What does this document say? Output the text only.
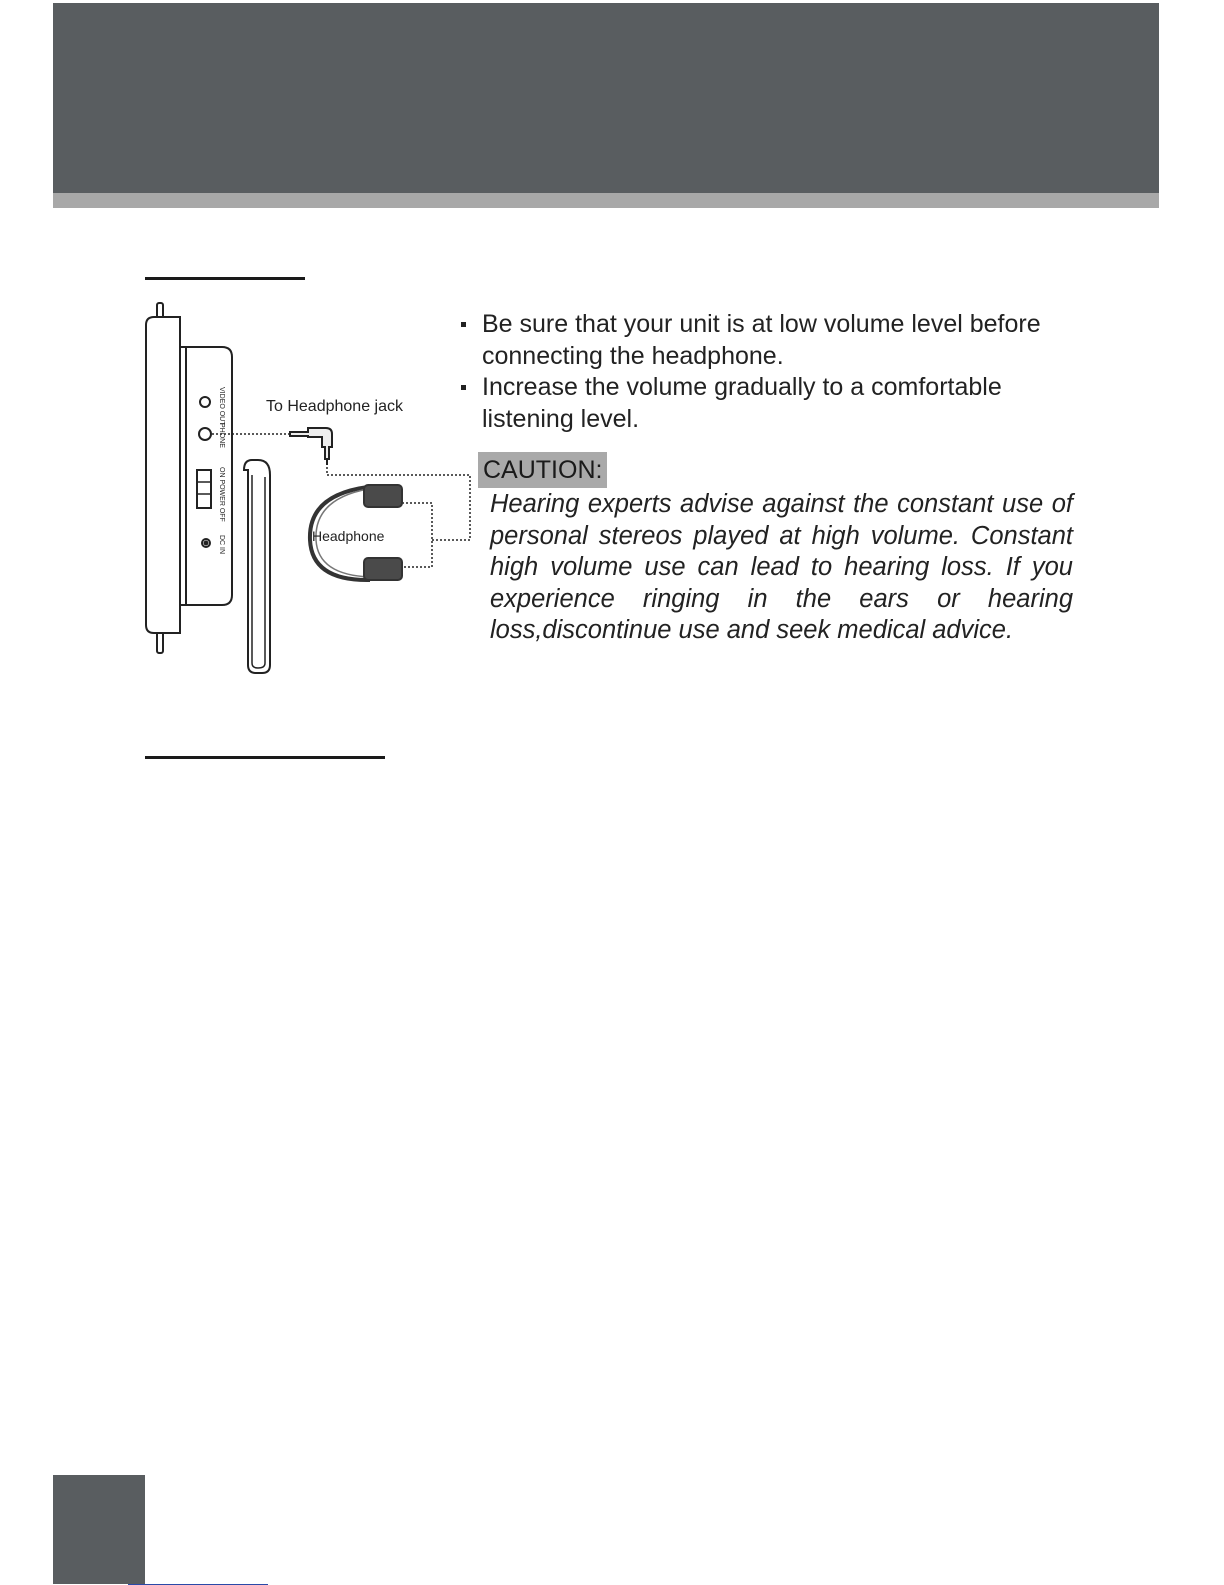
VIDEO OUT
PHONE
ON POWER OFF
DC IN
To Headphone jack
Headphone
Be sure that your unit is at low volume level before connecting the headphone.
Increase the volume gradually to a comfortable listening level.
CAUTION:

Hearing experts advise against the constant use of personal stereos played at high volume. Constant high volume use can lead to hearing loss. If you experience ringing in the ears or hearing loss,discontinue use and seek medical advice.
